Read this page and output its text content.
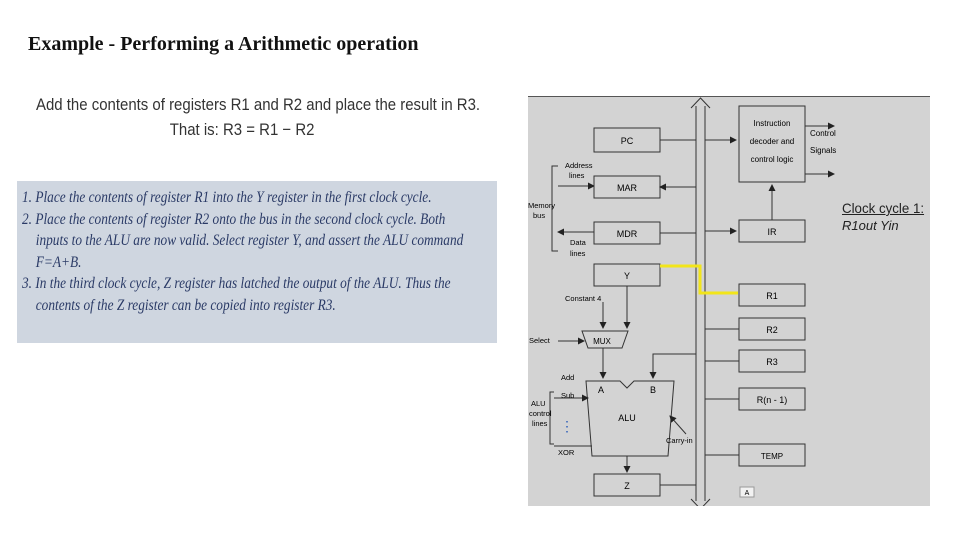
Example - Performing a Arithmetic operation
Add the contents of registers R1 and R2 and place the result in R3.
That is: R3 = R1 − R2
1. Place the contents of register R1 into the Y register in the first clock cycle.
2. Place the contents of register R2 onto the bus in the second clock cycle. Both
inputs to the ALU are now valid. Select register Y, and assert the ALU command
F=A+B.
3. In the third clock cycle, Z register has latched the output of the ALU. Thus the
contents of the Z register can be copied into register R3.
PC
MAR
MDR
Y
MUX
ALU
A	B
⋮
Z
Instruction
decoder and
control logic
Control
Signals
IR
R1
R2
R3
R(n - 1)
TEMP
A
Address
lines
Memory
bus
Data
lines
Constant 4
Select
Add
Sub
ALU
control
lines
XOR
Carry-in
Clock cycle 1:
R1out Yin
